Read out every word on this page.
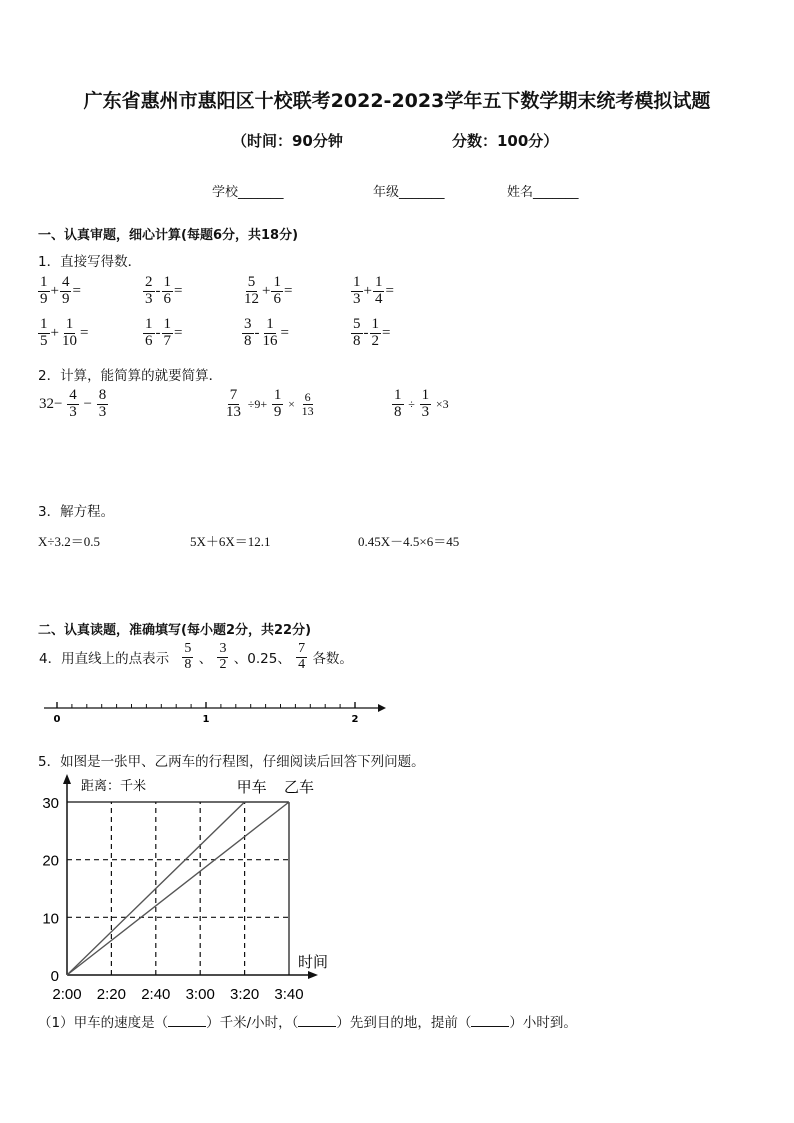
广东省惠州市惠阳区十校联考2022-2023学年五下数学期末统考模拟试题
（时间：90分钟	分数：100分）
学校_______	年级_______	姓名_______
一、认真审题，细心计算(每题6分，共18分)
1．直接写得数．
$\frac{1}{9} + \frac{4}{9}$ =	$\frac{2}{3} - \frac{1}{6}$ =	$\frac{5}{12} + \frac{1}{6}$ =	$\frac{1}{3} + \frac{1}{4}$ =
$\frac{1}{5} + \frac{1}{10}$ =	$\frac{1}{6} - \frac{1}{7}$ =	$\frac{3}{8} - \frac{1}{16}$ =	$\frac{5}{8} - \frac{1}{2}$ =
2．计算，能简算的就要简算．
$32- \frac{4}{3} - \frac{8}{3}$	$\frac{7}{13} \div 9+ \frac{1}{9} \times \frac{6}{13}$	$\frac{1}{8} \div \frac{1}{3} \times 3$
3．解方程。
X÷3.2＝0.5	5X＋6X＝12.1	0.45X－4.5×6＝45
二、认真读题，准确填写(每小题2分，共22分)
4．用直线上的点表示 $\frac{5}{8}$ 、 $\frac{3}{2}$ 、0.25、 $\frac{7}{4}$ 各数。
0	1	2
5．如图是一张甲、乙两车的行程图，仔细阅读后回答下列问题。
0
10
20
30
2:00 2:20 2:40 3:00 3:20 3:40
距离：千米
时间
甲车 乙车
（1）甲车的速度是（	）千米/小时，（	）先到目的地，提前（	）小时到。
